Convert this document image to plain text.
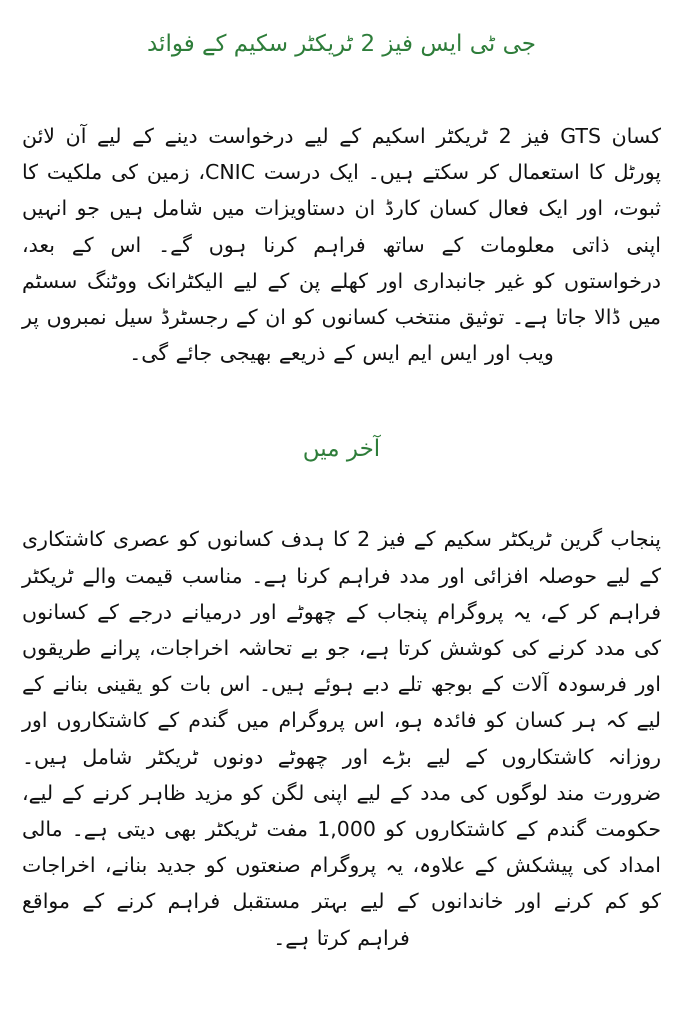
جی ٹی ایس فیز 2 ٹریکٹر سکیم کے فوائد

کسان GTS فیز 2 ٹریکٹر اسکیم کے لیے درخواست دینے کے لیے آن لائن پورٹل کا استعمال کر سکتے ہیں۔ ایک درست CNIC، زمین کی ملکیت کا ثبوت، اور ایک فعال کسان کارڈ ان دستاویزات میں شامل ہیں جو انہیں اپنی ذاتی معلومات کے ساتھ فراہم کرنا ہوں گے۔ اس کے بعد، درخواستوں کو غیر جانبداری اور کھلے پن کے لیے الیکٹرانک ووٹنگ سسٹم میں ڈالا جاتا ہے۔ توثیق منتخب کسانوں کو ان کے رجسٹرڈ سیل نمبروں پر ویب اور ایس ایم ایس کے ذریعے بھیجی جائے گی۔

آخر میں

پنجاب گرین ٹریکٹر سکیم کے فیز 2 کا ہدف کسانوں کو عصری کاشتکاری کے لیے حوصلہ افزائی اور مدد فراہم کرنا ہے۔ مناسب قیمت والے ٹریکٹر فراہم کر کے، یہ پروگرام پنجاب کے چھوٹے اور درمیانے درجے کے کسانوں کی مدد کرنے کی کوشش کرتا ہے، جو بے تحاشہ اخراجات، پرانے طریقوں اور فرسودہ آلات کے بوجھ تلے دبے ہوئے ہیں۔ اس بات کو یقینی بنانے کے لیے کہ ہر کسان کو فائدہ ہو، اس پروگرام میں گندم کے کاشتکاروں اور روزانہ کاشتکاروں کے لیے بڑے اور چھوٹے دونوں ٹریکٹر شامل ہیں۔ ضرورت مند لوگوں کی مدد کے لیے اپنی لگن کو مزید ظاہر کرنے کے لیے، حکومت گندم کے کاشتکاروں کو 1,000 مفت ٹریکٹر بھی دیتی ہے۔ مالی امداد کی پیشکش کے علاوہ، یہ پروگرام صنعتوں کو جدید بنانے، اخراجات کو کم کرنے اور خاندانوں کے لیے بہتر مستقبل فراہم کرنے کے مواقع فراہم کرتا ہے۔
